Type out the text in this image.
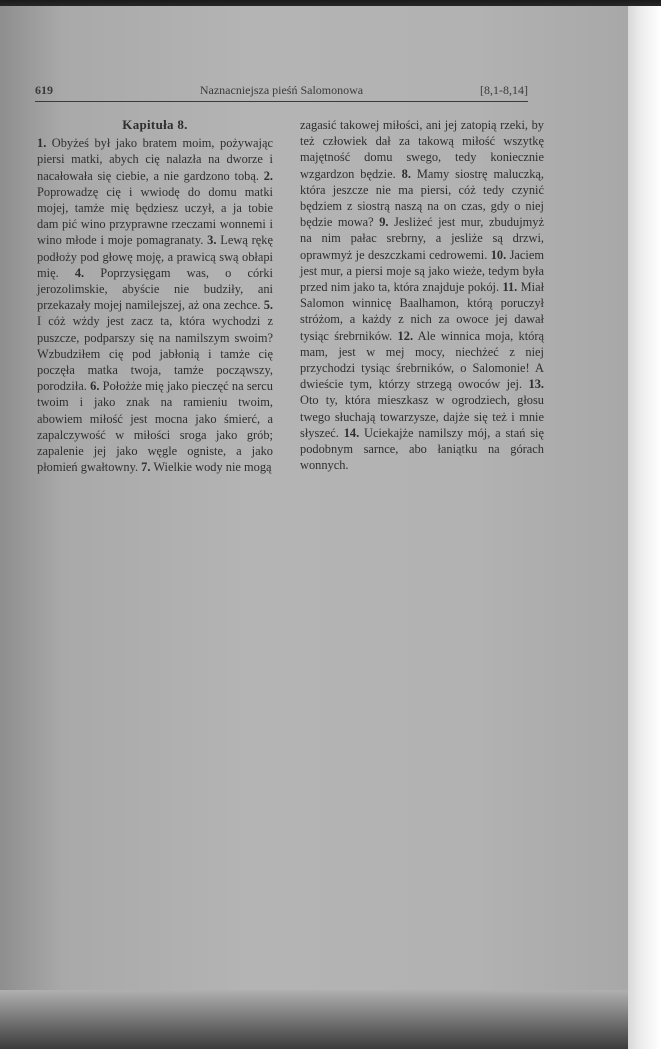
619	Naznacniejsza pieśń Salomonowa	[8,1-8,14]
Kapituła 8.
1. Obyżeś był jako bratem moim, pożywając piersi matki, abych cię nalazła na dworze i nacałowała się ciebie, a nie gardzono tobą. 2. Poprowadzę cię i wwiodę do domu matki mojej, tamże mię będziesz uczył, a ja tobie dam pić wino przyprawne rzeczami wonnemi i wino młode i moje pomagranaty. 3. Lewą rękę podłoży pod głowę moję, a prawicą swą obłapi mię. 4. Poprzysięgam was, o córki jerozolimskie, abyście nie budziły, ani przekazały mojej namilejszej, aż ona zechce. 5. I cóż wżdy jest zacz ta, która wychodzi z puszcze, podparszy się na namilszym swoim? Wzbudziłem cię pod jabłonią i tamże cię poczęła matka twoja, tamże począwszy, porodziła. 6. Położże mię jako pieczęć na sercu twoim i jako znak na ramieniu twoim, abowiem miłość jest mocna jako śmierć, a zapalczywość w miłości sroga jako grób; zapalenie jej jako węgle ogniste, a jako płomień gwałtowny. 7. Wielkie wody nie mogą
zagasić takowej miłości, ani jej zatopią rzeki, by też człowiek dał za takową miłość wszytkę majętność domu swego, tedy koniecznie wzgardzon będzie. 8. Mamy siostrę maluczką, która jeszcze nie ma piersi, cóż tedy czynić będziem z siostrą naszą na on czas, gdy o niej będzie mowa? 9. Jesliżeć jest mur, zbudujmyż na nim pałac srebrny, a jesliże są drzwi, oprawmyż je deszczkami cedrowemi. 10. Jaciem jest mur, a piersi moje są jako wieże, tedym była przed nim jako ta, która znajduje pokój. 11. Miał Salomon winnicę Baalhamon, którą poruczył stróżom, a każdy z nich za owoce jej dawał tysiąc śrebrników. 12. Ale winnica moja, którą mam, jest w mej mocy, niechżeć z niej przychodzi tysiąc śrebrników, o Salomonie! A dwieście tym, którzy strzegą owoców jej. 13. Oto ty, która mieszkasz w ogrodziech, głosu twego słuchają towarzysze, dajże się też i mnie słyszeć. 14. Uciekajże namilszy mój, a stań się podobnym sarnce, abo łaniątku na górach wonnych.
